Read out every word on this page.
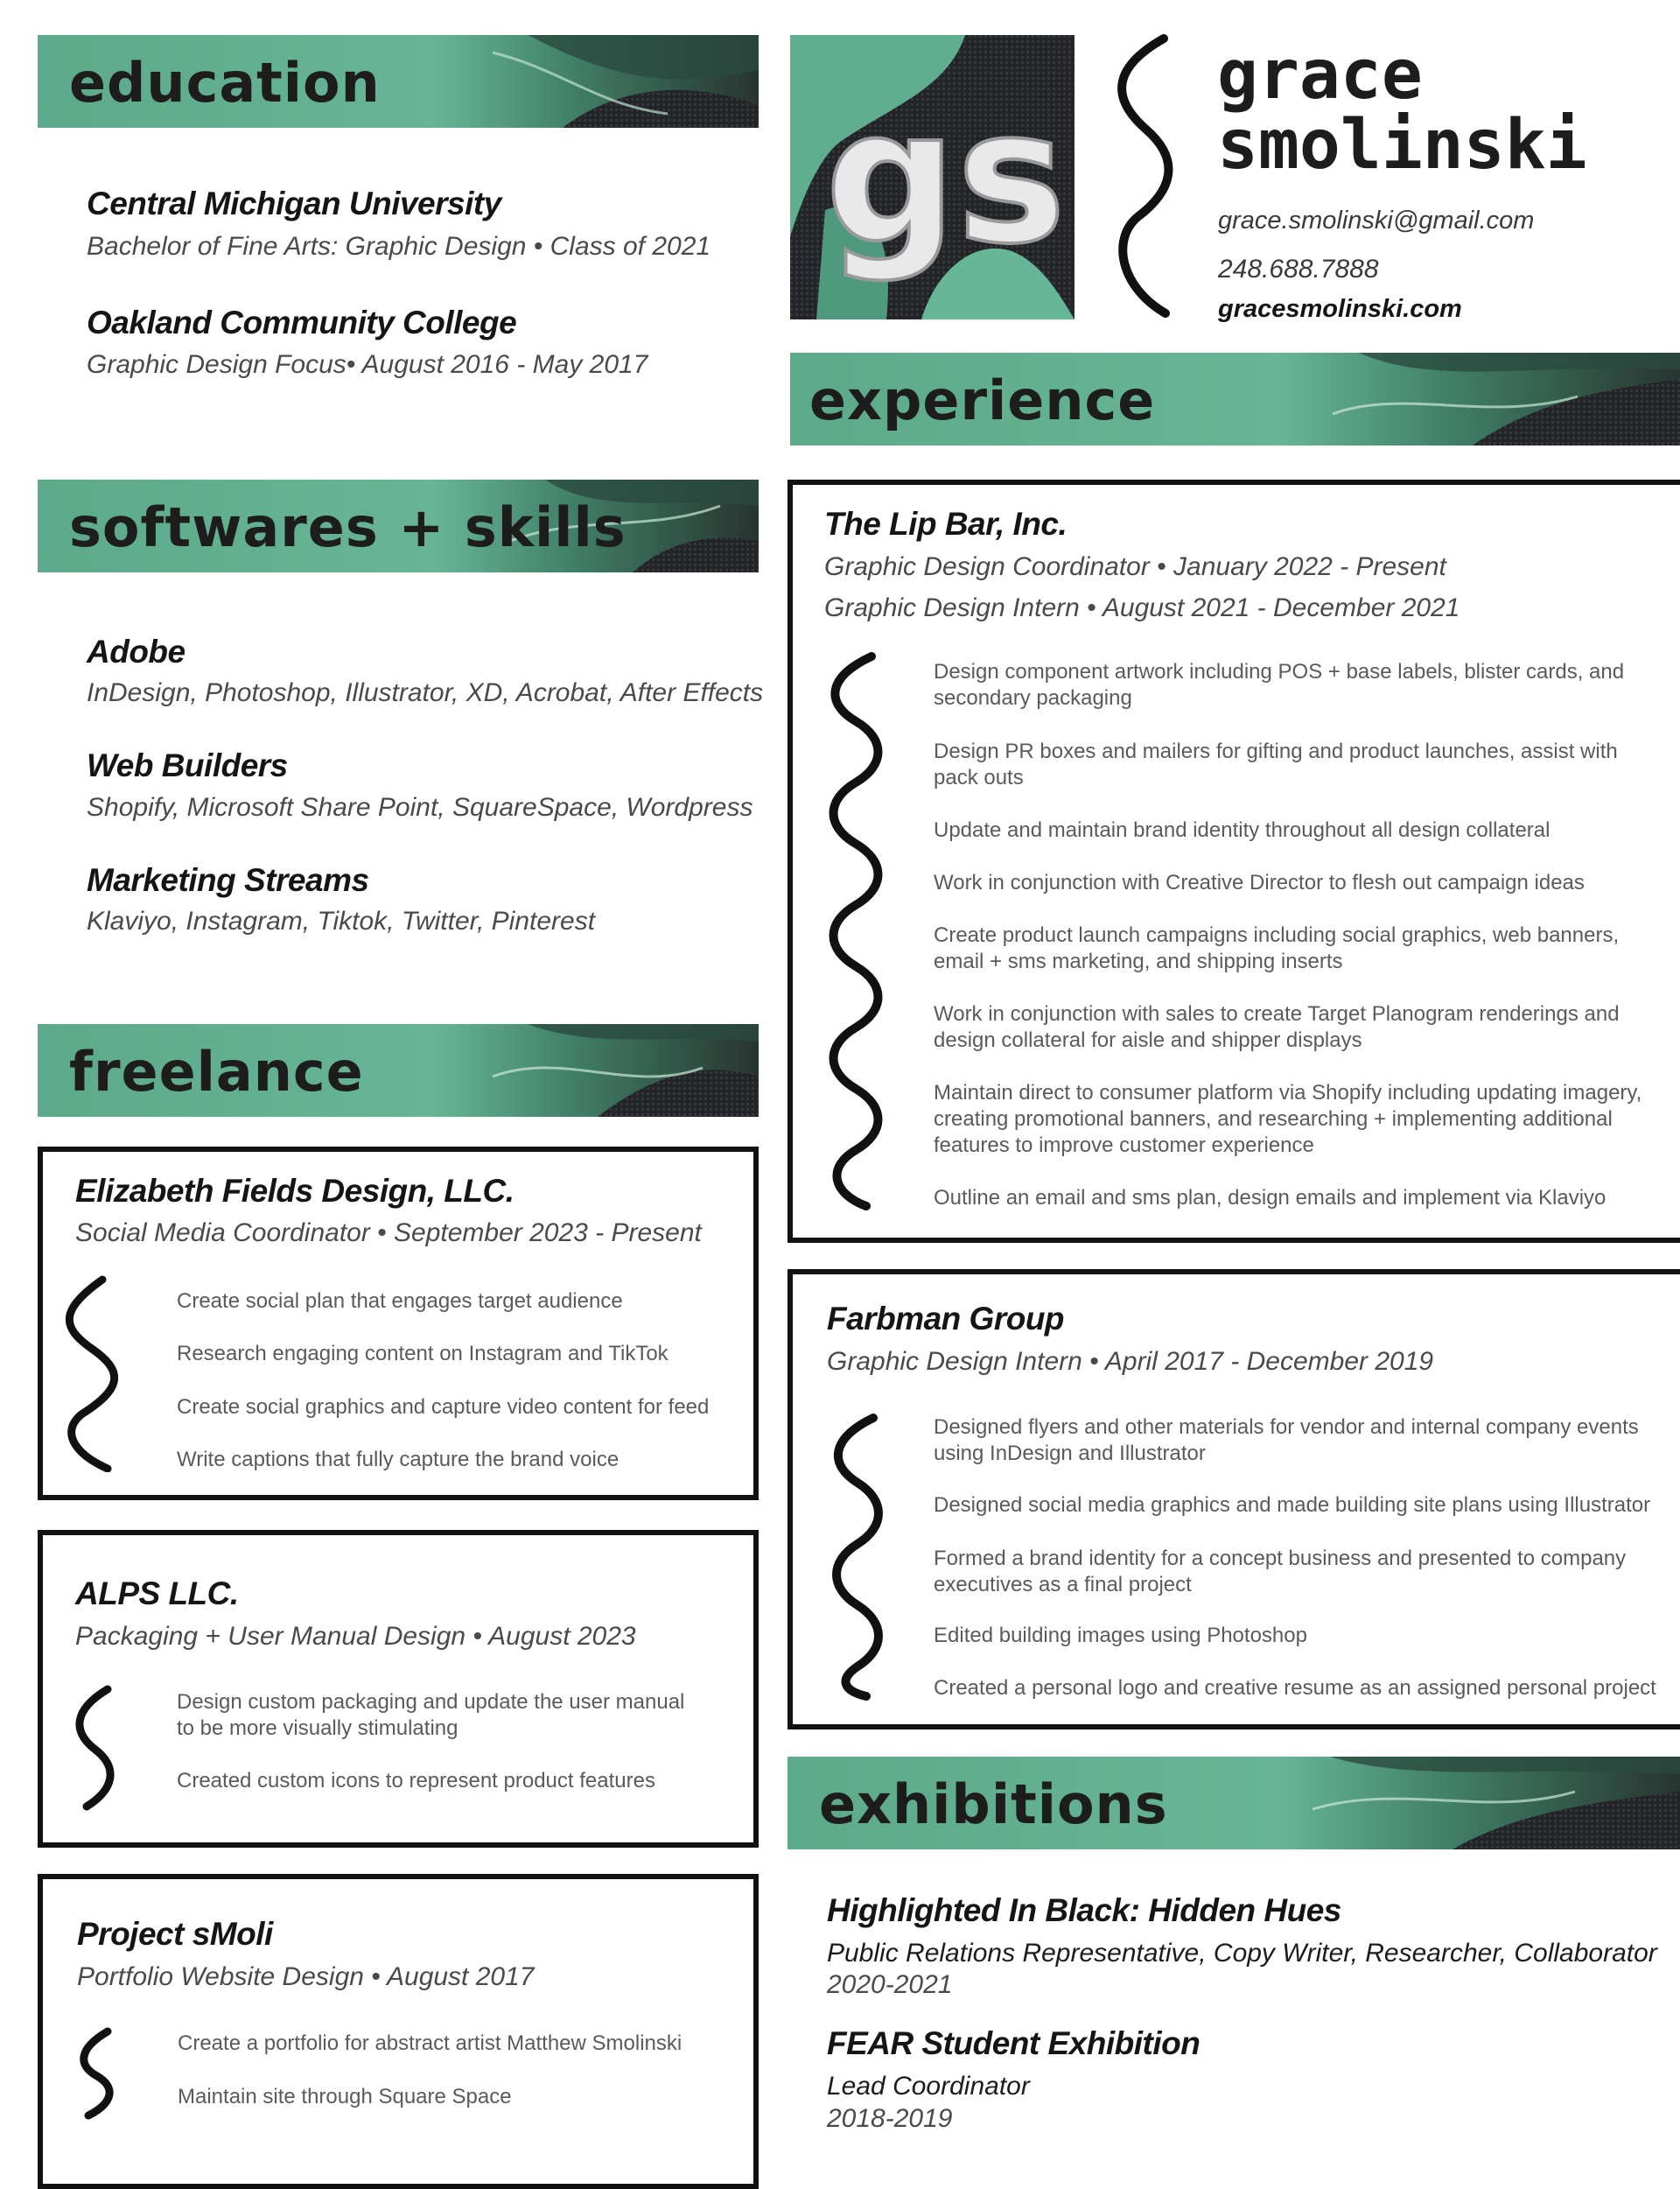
education
Central Michigan University
Bachelor of Fine Arts: Graphic Design • Class of 2021
Oakland Community College
Graphic Design Focus• August 2016 - May 2017
softwares + skills
Adobe
InDesign, Photoshop, Illustrator, XD, Acrobat, After Effects
Web Builders
Shopify, Microsoft Share Point, SquareSpace, Wordpress
Marketing Streams
Klaviyo, Instagram, Tiktok, Twitter, Pinterest
freelance
Elizabeth Fields Design, LLC.
Social Media Coordinator • September 2023 - Present
Create social plan that engages target audience
Research engaging content on Instagram and TikTok
Create social graphics and capture video content for feed
Write captions that fully capture the brand voice
ALPS LLC.
Packaging + User Manual Design • August 2023
Design custom packaging and update the user manual to be more visually stimulating
Created custom icons to represent product features
Project sMoli
Portfolio Website Design • August 2017
Create a portfolio for abstract artist Matthew Smolinski
Maintain site through Square Space
gs grace
smolinski
grace.smolinski@gmail.com
248.688.7888
gracesmolinski.com
experience
The Lip Bar, Inc.
Graphic Design Coordinator • January 2022 - Present
Graphic Design Intern • August 2021 - December 2021
Design component artwork including POS + base labels, blister cards, and secondary packaging
Design PR boxes and mailers for gifting and product launches, assist with pack outs
Update and maintain brand identity throughout all design collateral
Work in conjunction with Creative Director to flesh out campaign ideas
Create product launch campaigns including social graphics, web banners, email + sms marketing, and shipping inserts
Work in conjunction with sales to create Target Planogram renderings and design collateral for aisle and shipper displays
Maintain direct to consumer platform via Shopify including updating imagery, creating promotional banners, and researching + implementing additional features to improve customer experience
Outline an email and sms plan, design emails and implement via Klaviyo
Farbman Group
Graphic Design Intern • April 2017 - December 2019
Designed flyers and other materials for vendor and internal company events using InDesign and Illustrator
Designed social media graphics and made building site plans using Illustrator
Formed a brand identity for a concept business and presented to company executives as a final project
Edited building images using Photoshop
Created a personal logo and creative resume as an assigned personal project
exhibitions
Highlighted In Black: Hidden Hues
Public Relations Representative, Copy Writer, Researcher, Collaborator
2020-2021
FEAR Student Exhibition
Lead Coordinator
2018-2019
